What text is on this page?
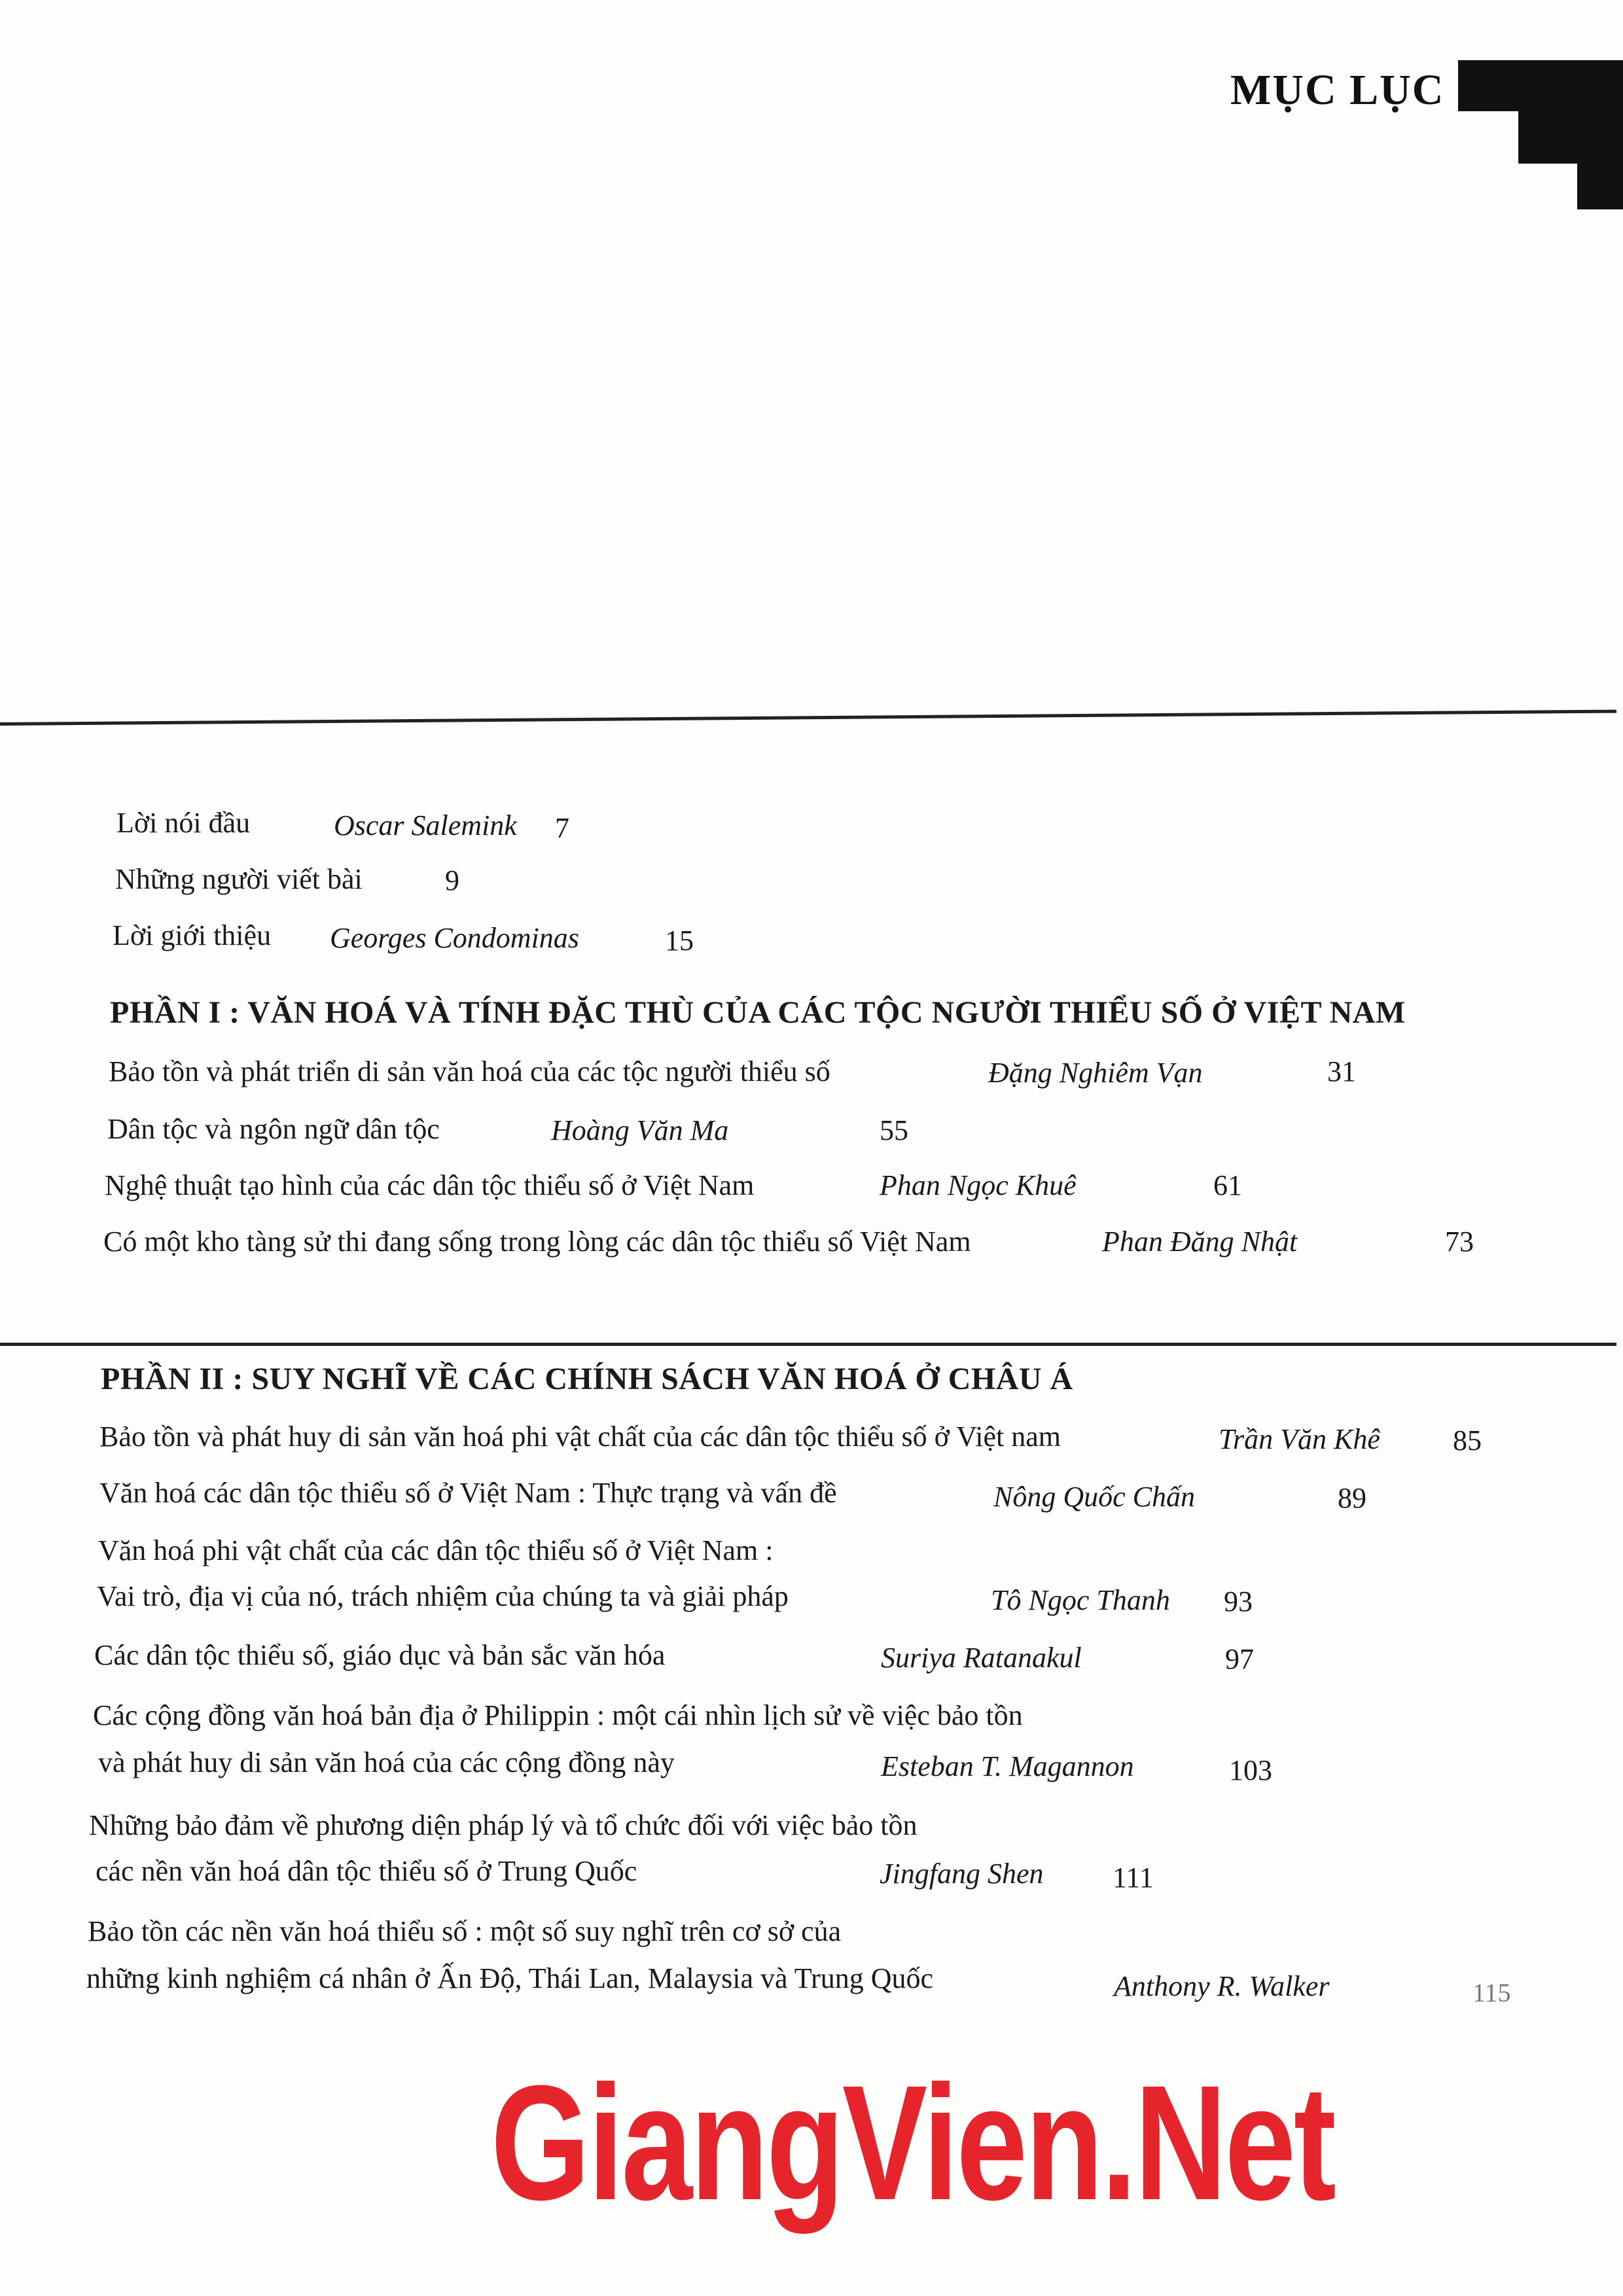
MỤC LỤC
Lời nói đầu	Oscar Salemink 7
Những người viết bài	9
Lời giới thiệu Georges Condominas	15
PHẦN I : VĂN HOÁ VÀ TÍNH ĐẶC THÙ CỦA CÁC TỘC NGƯỜI THIỂU SỐ Ở VIỆT NAM
Bảo tồn và phát triển di sản văn hoá của các tộc người thiểu số	Đặng Nghiêm Vạn	31
Dân tộc và ngôn ngữ dân tộc	Hoàng Văn Ma	55
Nghệ thuật tạo hình của các dân tộc thiểu số ở Việt Nam	Phan Ngọc Khuê	61
Có một kho tàng sử thi đang sống trong lòng các dân tộc thiểu số Việt Nam	Phan Đăng Nhật	73
PHẦN II : SUY NGHĨ VỀ CÁC CHÍNH SÁCH VĂN HOÁ Ở CHÂU Á
Bảo tồn và phát huy di sản văn hoá phi vật chất của các dân tộc thiểu số ở Việt nam	Trần Văn Khê	85
Văn hoá các dân tộc thiểu số ở Việt Nam : Thực trạng và vấn đề	Nông Quốc Chấn	89
Văn hoá phi vật chất của các dân tộc thiểu số ở Việt Nam :
Vai trò, địa vị của nó, trách nhiệm của chúng ta và giải pháp	Tô Ngọc Thanh 93
Các dân tộc thiểu số, giáo dục và bản sắc văn hóa	Suriya Ratanakul	97
Các cộng đồng văn hoá bản địa ở Philippin : một cái nhìn lịch sử về việc bảo tồn
và phát huy di sản văn hoá của các cộng đồng này	Esteban T. Magannon	103
Những bảo đảm về phương diện pháp lý và tổ chức đối với việc bảo tồn
các nền văn hoá dân tộc thiểu số ở Trung Quốc	Jingfang Shen 111
Bảo tồn các nền văn hoá thiểu số : một số suy nghĩ trên cơ sở của
những kinh nghiệm cá nhân ở Ấn Độ, Thái Lan, Malaysia và Trung Quốc	Anthony R. Walker	115
GiangVien.Net
